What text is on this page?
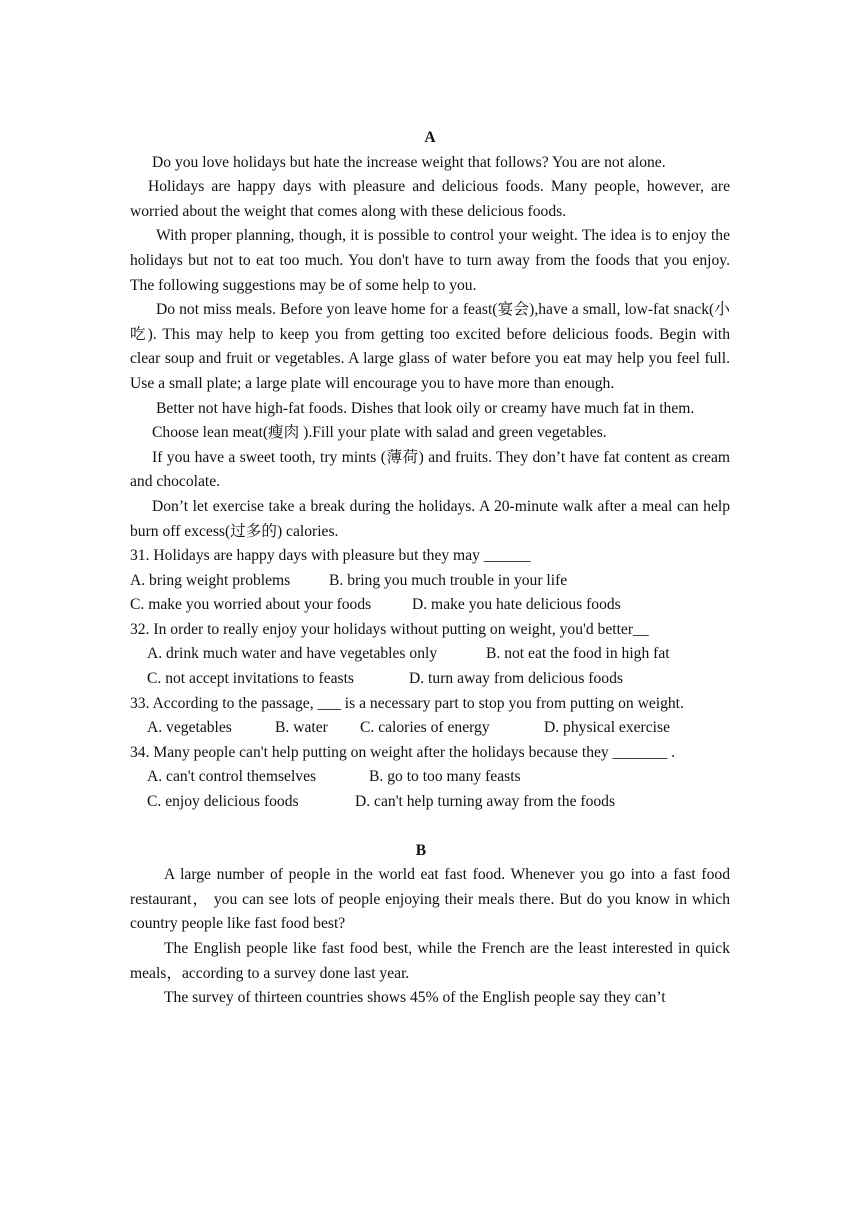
A

Do you love holidays but hate the increase weight that follows? You are not alone.

Holidays are happy days with pleasure and delicious foods. Many people, however, are worried about the weight that comes along with these delicious foods.

With proper planning, though, it is possible to control your weight. The idea is to enjoy the holidays but not to eat too much. You don't have to turn away from the foods that you enjoy. The following suggestions may be of some help to you.

Do not miss meals. Before yon leave home for a feast(宴会),have a small, low-fat snack(小吃). This may help to keep you from getting too excited before delicious foods. Begin with clear soup and fruit or vegetables. A large glass of water before you eat may help you feel full. Use a small plate; a large plate will encourage you to have more than enough.

Better not have high-fat foods. Dishes that look oily or creamy have much fat in them.

Choose lean meat(瘦肉 ).Fill your plate with salad and green vegetables.

If you have a sweet tooth, try mints (薄荷) and fruits. They don’t have fat content as cream and chocolate.

Don’t let exercise take a break during the holidays. A 20-minute walk after a meal can help burn off excess(过多的) calories.

31. Holidays are happy days with pleasure but they may ______

A. bring weight problems	B. bring you much trouble in your life
C. make you worried about your foods	D. make you hate delicious foods

32. In order to really enjoy your holidays without putting on weight, you'd better__

A. drink much water and have vegetables only	B. not eat the food in high fat
C. not accept invitations to feasts	D. turn away from delicious foods

33. According to the passage, ___ is a necessary part to stop you from putting on weight.

A. vegetables	B. water	C. calories of energy	D. physical exercise

34. Many people can't help putting on weight after the holidays because they _______ .

A. can't control themselves	B. go to too many feasts
C. enjoy delicious foods	D. can't help turning away from the foods

B

A large number of people in the world eat fast food. Whenever you go into a fast food restaurant， you can see lots of people enjoying their meals there. But do you know in which country people like fast food best?

The English people like fast food best, while the French are the least interested in quick meals，according to a survey done last year.

The survey of thirteen countries shows 45% of the English people say they can’t
